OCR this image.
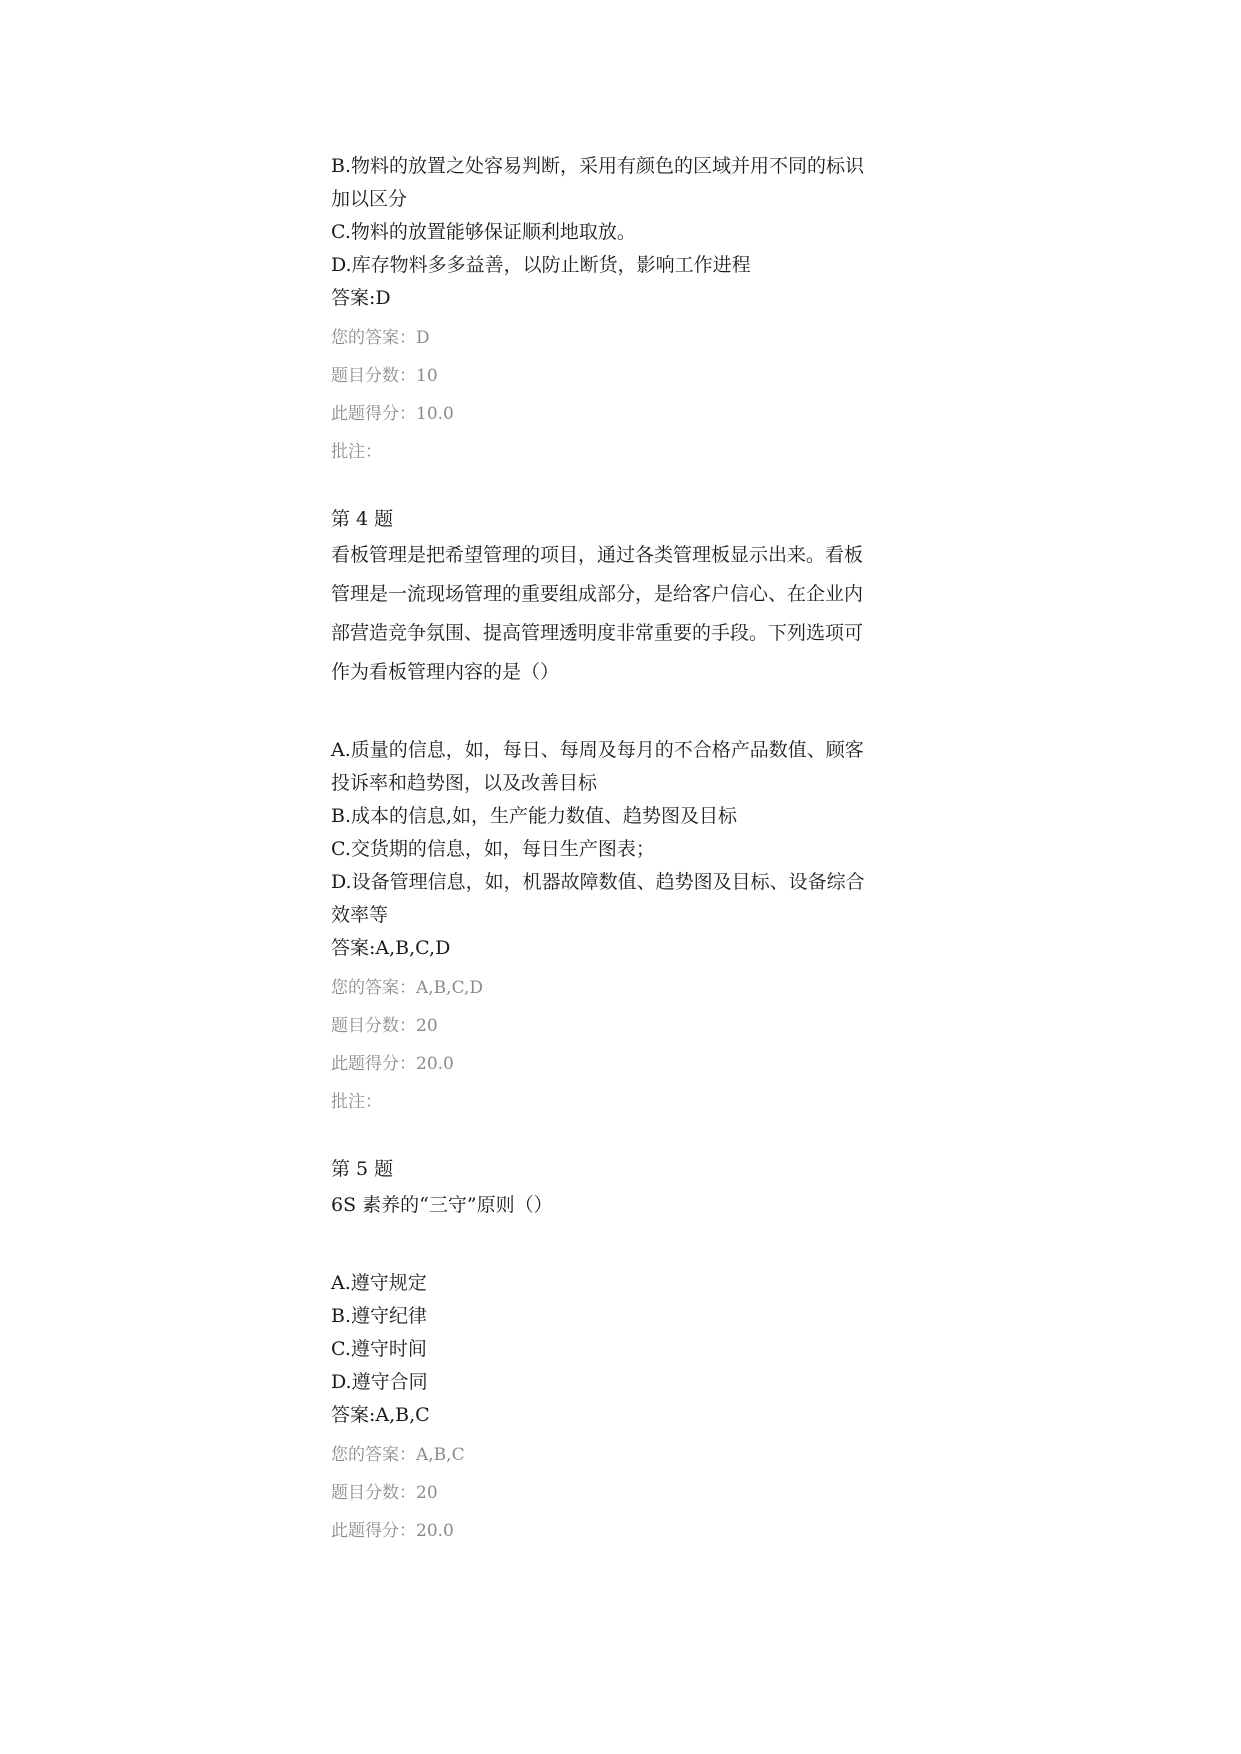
B.物料的放置之处容易判断，采用有颜色的区域并用不同的标识
加以区分
C.物料的放置能够保证顺利地取放。
D.库存物料多多益善，以防止断货，影响工作进程
答案:D
您的答案：D
题目分数：10
此题得分：10.0
批注：
第 4 题
看板管理是把希望管理的项目，通过各类管理板显示出来。看板
管理是一流现场管理的重要组成部分，是给客户信心、在企业内
部营造竞争氛围、提高管理透明度非常重要的手段。下列选项可
作为看板管理内容的是（）
A.质量的信息，如，每日、每周及每月的不合格产品数值、顾客
投诉率和趋势图，以及改善目标
B.成本的信息,如，生产能力数值、趋势图及目标
C.交货期的信息，如，每日生产图表；
D.设备管理信息，如，机器故障数值、趋势图及目标、设备综合
效率等
答案:A,B,C,D
您的答案：A,B,C,D
题目分数：20
此题得分：20.0
批注：
第 5 题
6S 素养的“三守”原则（）
A.遵守规定
B.遵守纪律
C.遵守时间
D.遵守合同
答案:A,B,C
您的答案：A,B,C
题目分数：20
此题得分：20.0
